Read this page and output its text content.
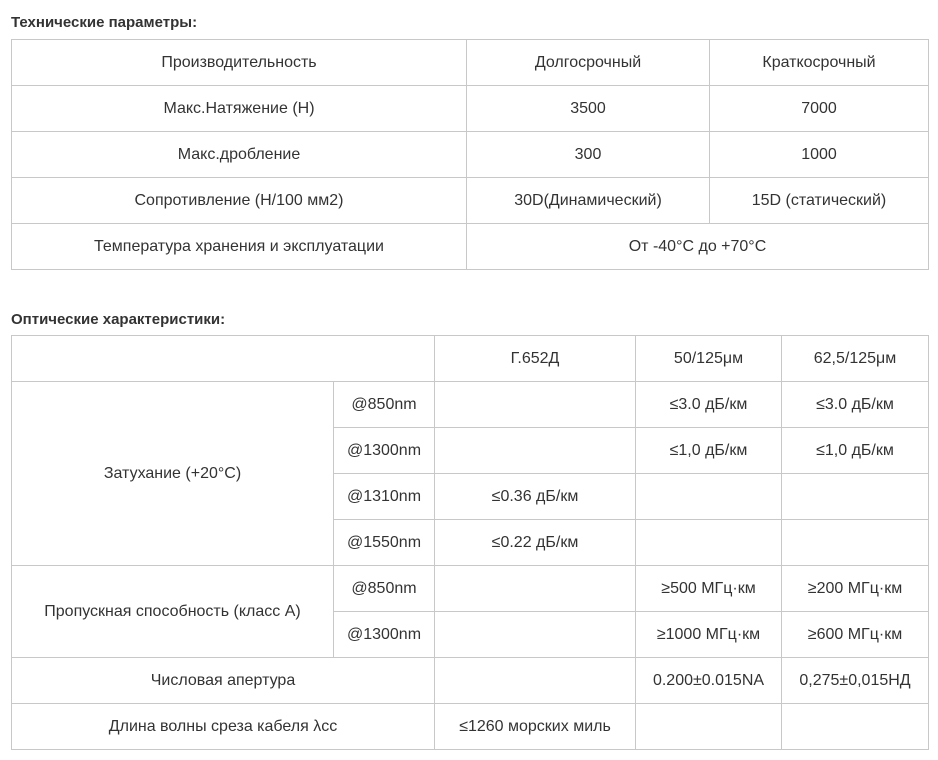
Технические параметры:
Производительность	Долгосрочный	Краткосрочный
Макс.Натяжение (Н)	3500	7000
Макс.дробление	300	1000
Сопротивление (Н/100 мм2)	30D(Динамический)	15D (статический)
Температура хранения и эксплуатации	От -40°C до +70°C	
Оптические характеристики:
		Г.652Д	50/125μм	62,5/125μм
Затухание (+20°C)	@850nm		≤3.0 дБ/км	≤3.0 дБ/км
	@1300nm		≤1,0 дБ/км	≤1,0 дБ/км
	@1310nm	≤0.36 дБ/км		
	@1550nm	≤0.22 дБ/км		
Пропускная способность (класс А)	@850nm		≥500 МГц·км	≥200 МГц·км
	@1300nm		≥1000 МГц·км	≥600 МГц·км
Числовая апертура			0.200±0.015NA	0,275±0,015НД
Длина волны среза кабеля λcc		≤1260 морских миль		
